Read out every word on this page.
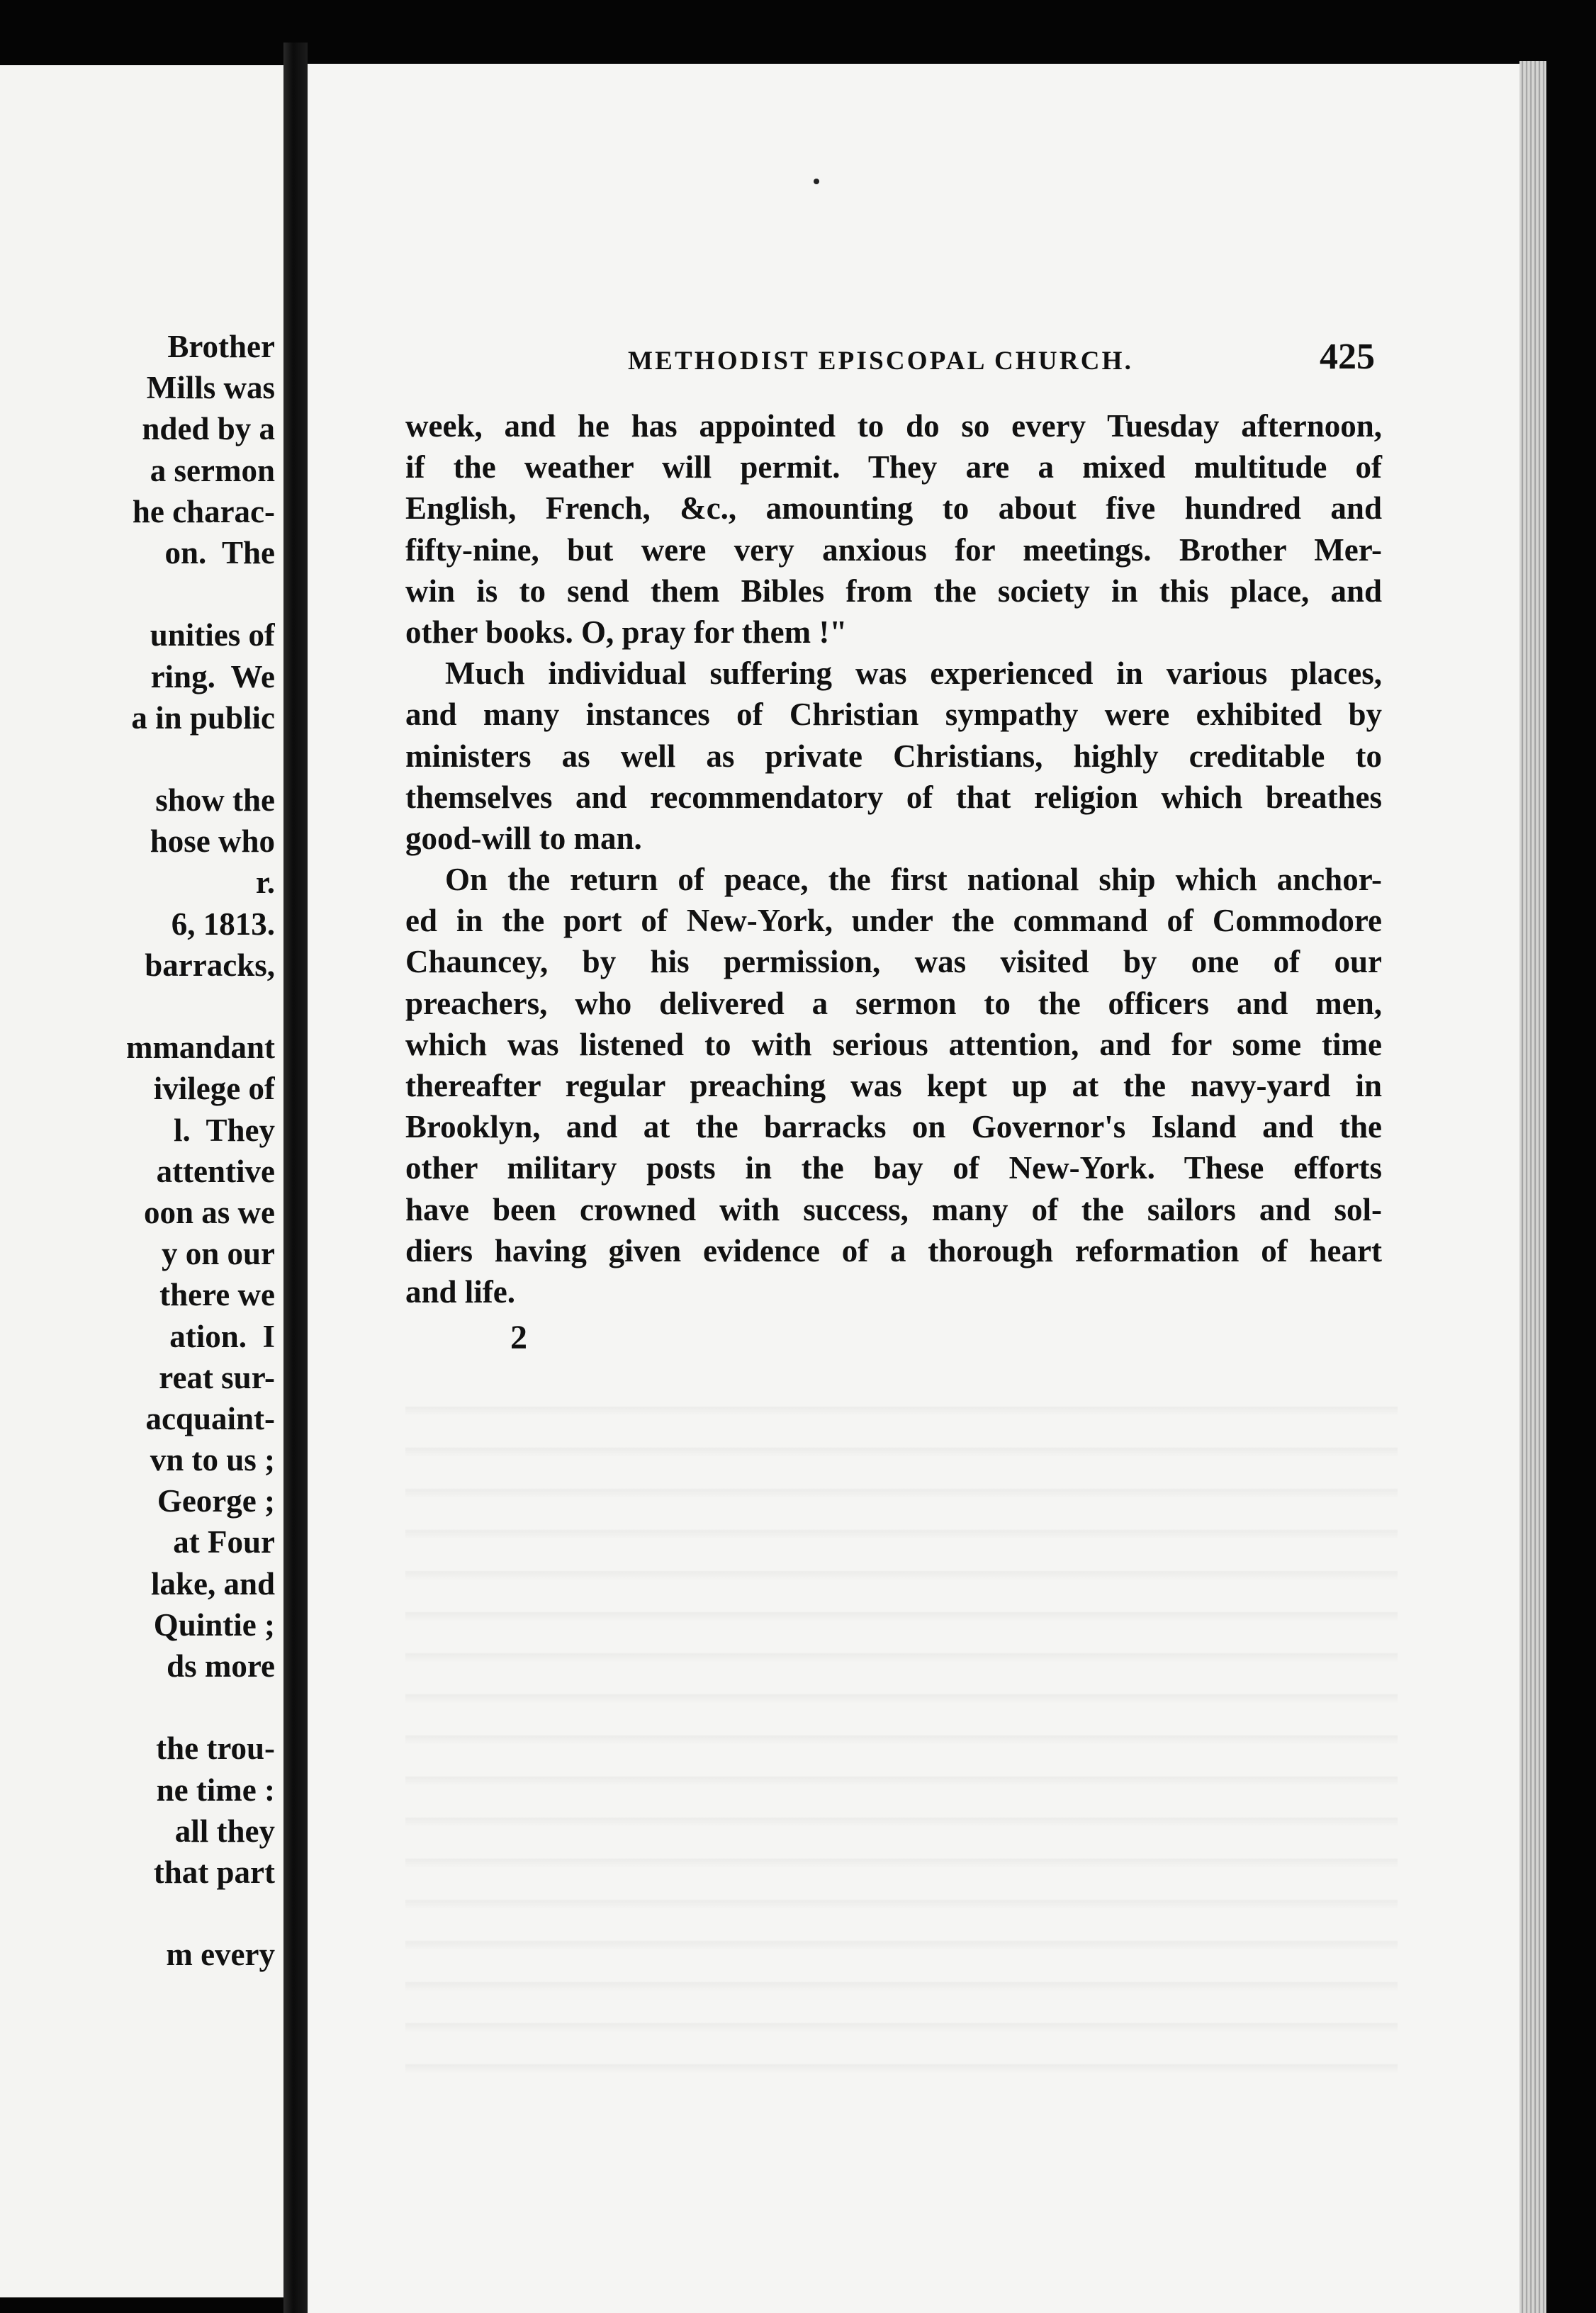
Brother
Mills was
nded by a
a sermon
he charac-
on.  The
unities of
ring.  We
a in public
show the
hose who
r.
6, 1813.
barracks,
mmandant
ivilege of
l.  They
attentive
oon as we
y on our
there we
ation.  I
reat sur-
acquaint-
vn to us ;
George ;
at Four
lake, and
Quintie ;
ds more
the trou-
ne time :
all they
that part
m every
METHODIST EPISCOPAL CHURCH.	425
week, and he has appointed to do so every Tuesday afternoon,
if the weather will permit. They are a mixed multitude of
English, French, &c., amounting to about five hundred and
fifty-nine, but were very anxious for meetings. Brother Mer-
win is to send them Bibles from the society in this place, and
other books. O, pray for them !"
Much individual suffering was experienced in various places,
and many instances of Christian sympathy were exhibited by
ministers as well as private Christians, highly creditable to
themselves and recommendatory of that religion which breathes
good-will to man.
On the return of peace, the first national ship which anchor-
ed in the port of New-York, under the command of Commodore
Chauncey, by his permission, was visited by one of our
preachers, who delivered a sermon to the officers and men,
which was listened to with serious attention, and for some time
thereafter regular preaching was kept up at the navy-yard in
Brooklyn, and at the barracks on Governor's Island and the
other military posts in the bay of New-York. These efforts
have been crowned with success, many of the sailors and sol-
diers having given evidence of a thorough reformation of heart
and life.
2
